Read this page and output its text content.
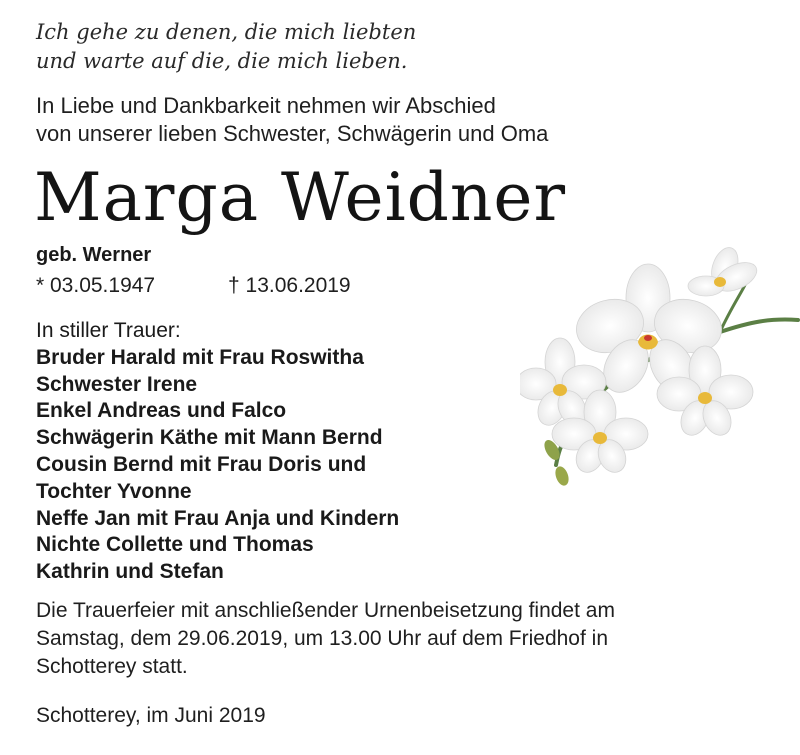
Ich gehe zu denen, die mich liebten
und warte auf die, die mich lieben.
In Liebe und Dankbarkeit nehmen wir Abschied
von unserer lieben Schwester, Schwägerin und Oma
Marga Weidner
geb. Werner
* 03.05.1947	† 13.06.2019
In stiller Trauer:
Bruder Harald mit Frau Roswitha
Schwester Irene
Enkel Andreas und Falco
Schwägerin Käthe mit Mann Bernd
Cousin Bernd mit Frau Doris und
Tochter Yvonne
Neffe Jan mit Frau Anja und Kindern
Nichte Collette und Thomas
Kathrin und Stefan
Die Trauerfeier mit anschließender Urnenbeisetzung findet am
Samstag, dem 29.06.2019, um 13.00 Uhr auf dem Friedhof in
Schotterey statt.
Schotterey, im Juni 2019
